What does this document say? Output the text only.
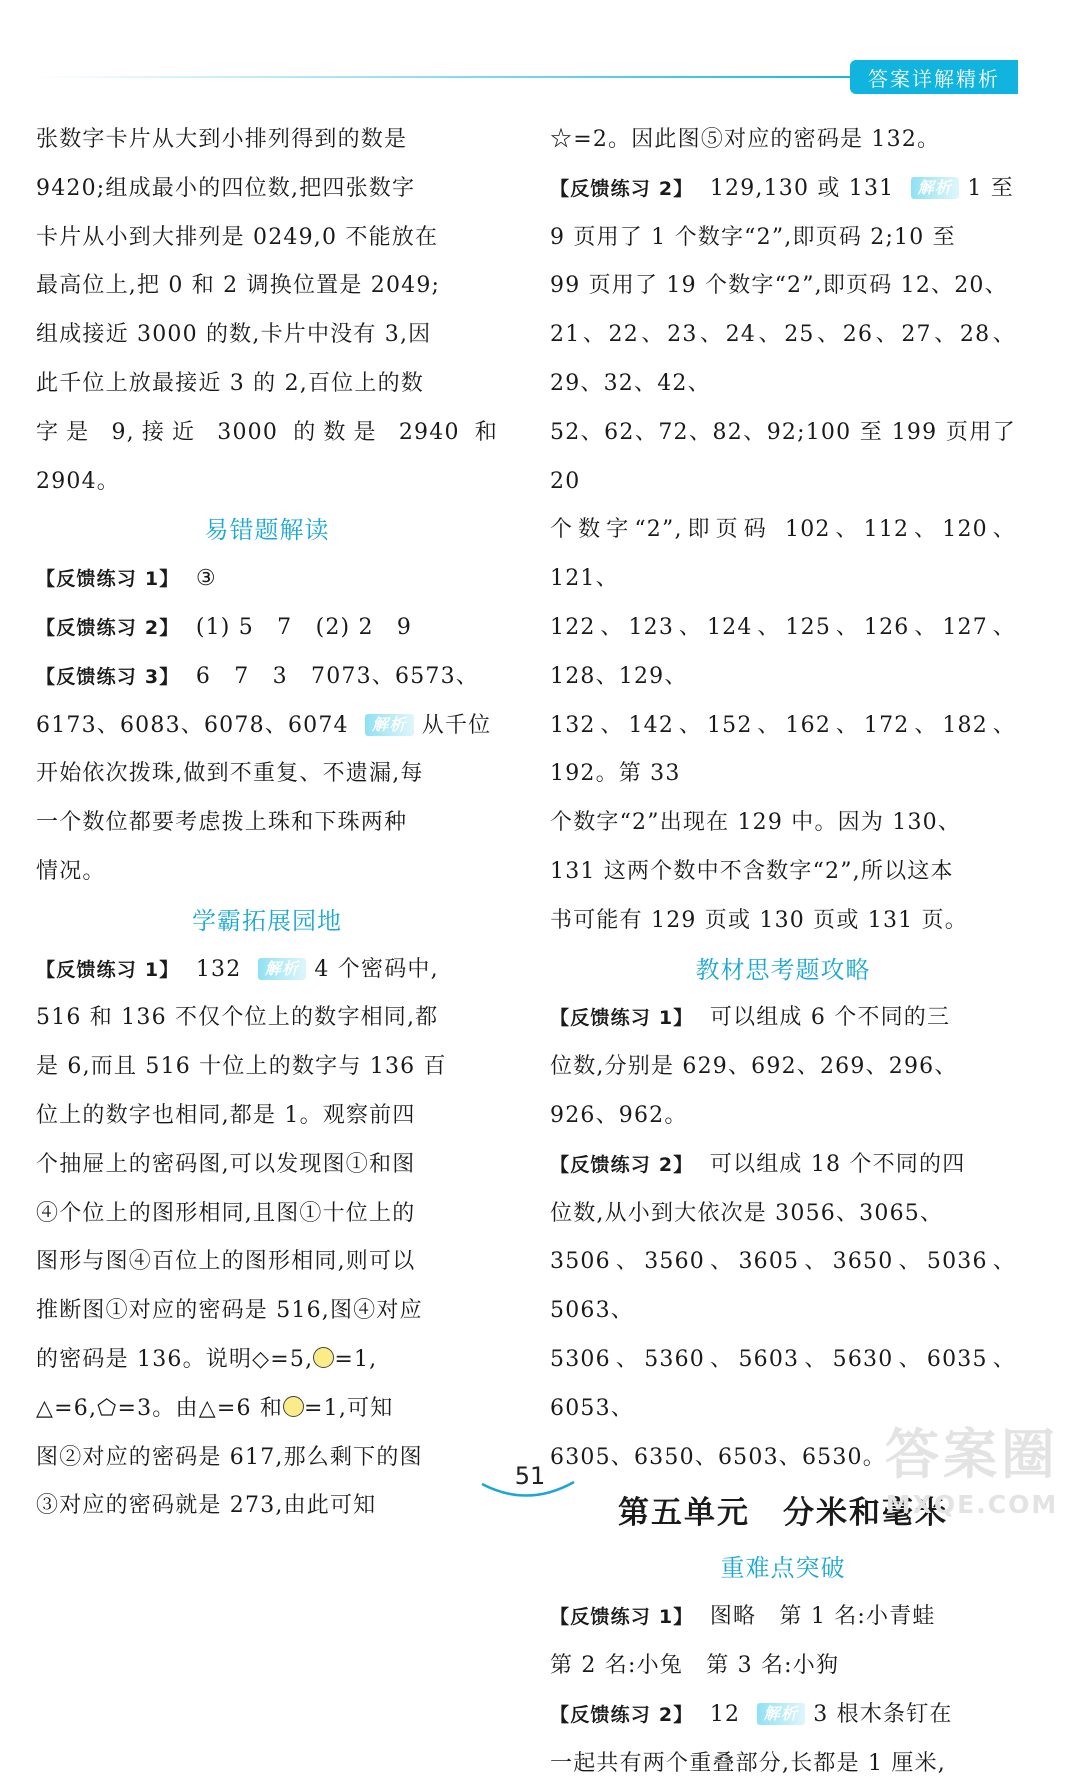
答案详解精析

张数字卡片从大到小排列得到的数是

9420;组成最小的四位数,把四张数字

卡片从小到大排列是 0249,0 不能放在

最高位上,把 0 和 2 调换位置是 2049;

组成接近 3000 的数,卡片中没有 3,因

此千位上放最接近 3 的 2,百位上的数

字是 9,接近 3000 的数是 2940 和 2904。

易错题解读

【反馈练习 1】 ③

【反馈练习 2】 (1) 5　7　(2) 2　9

【反馈练习 3】 6　7　3　7073、6573、

6173、6083、6078、6074 解析 从千位

开始依次拨珠,做到不重复、不遗漏,每

一个数位都要考虑拨上珠和下珠两种

情况。

学霸拓展园地

【反馈练习 1】 132 解析 4 个密码中,

516 和 136 不仅个位上的数字相同,都

是 6,而且 516 十位上的数字与 136 百

位上的数字也相同,都是 1。观察前四

个抽屉上的密码图,可以发现图①和图

④个位上的图形相同,且图①十位上的

图形与图④百位上的图形相同,则可以

推断图①对应的密码是 516,图④对应

的密码是 136。说明◇=5, =1,

△=6,⬠=3。由△=6 和 =1,可知

图②对应的密码是 617,那么剩下的图

③对应的密码就是 273,由此可知

☆=2。因此图⑤对应的密码是 132。

【反馈练习 2】 129,130 或 131 解析 1 至

9 页用了 1 个数字“2”,即页码 2;10 至

99 页用了 19 个数字“2”,即页码 12、20、

21、22、23、24、25、26、27、28、29、32、42、

52、62、72、82、92;100 至 199 页用了 20

个数字“2”,即页码 102、112、120、121、

122、123、124、125、126、127、128、129、

132、142、152、162、172、182、192。第 33

个数字“2”出现在 129 中。因为 130、

131 这两个数中不含数字“2”,所以这本

书可能有 129 页或 130 页或 131 页。

教材思考题攻略

【反馈练习 1】 可以组成 6 个不同的三

位数,分别是 629、692、269、296、

926、962。

【反馈练习 2】 可以组成 18 个不同的四

位数,从小到大依次是 3056、3065、

3506、3560、3605、3650、5036、5063、

5306、5360、5603、5630、6035、6053、

6305、6350、6503、6530。

第五单元　分米和毫米

重难点突破

【反馈练习 1】 图略　第 1 名:小青蛙

第 2 名:小兔　第 3 名:小狗

【反馈练习 2】 12 解析 3 根木条钉在

一起共有两个重叠部分,长都是 1 厘米,

51	答案圈
MXQE.COM
